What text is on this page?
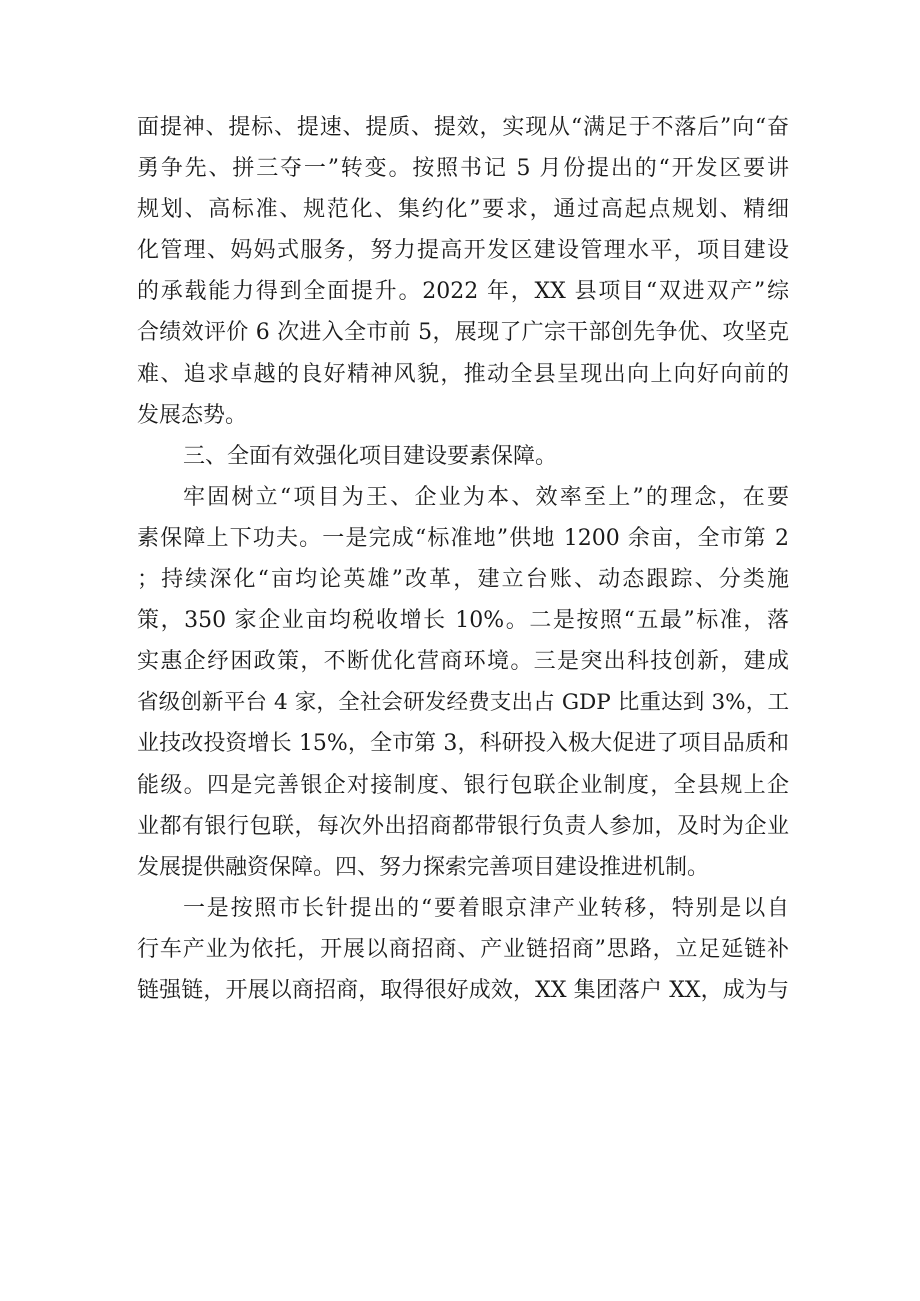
面提神、提标、提速、提质、提效，实现从“满足于不落后”向“奋
勇争先、拼三夺一”转变。按照书记 5 月份提出的“开发区要讲
规划、高标准、规范化、集约化”要求，通过高起点规划、精细
化管理、妈妈式服务，努力提高开发区建设管理水平，项目建设
的承载能力得到全面提升。2022 年，XX 县项目“双进双产”综
合绩效评价 6 次进入全市前 5，展现了广宗干部创先争优、攻坚克
难、追求卓越的良好精神风貌，推动全县呈现出向上向好向前的
发展态势。
三、全面有效强化项目建设要素保障。
牢固树立“项目为王、企业为本、效率至上”的理念，在要
素保障上下功夫。一是完成“标准地”供地 1200 余亩，全市第 2
；持续深化“亩均论英雄”改革，建立台账、动态跟踪、分类施
策，350 家企业亩均税收增长 10%。二是按照“五最”标准，落
实惠企纾困政策，不断优化营商环境。三是突出科技创新，建成
省级创新平台 4 家，全社会研发经费支出占 GDP 比重达到 3%，工
业技改投资增长 15%，全市第 3，科研投入极大促进了项目品质和
能级。四是完善银企对接制度、银行包联企业制度，全县规上企
业都有银行包联，每次外出招商都带银行负责人参加，及时为企业
发展提供融资保障。四、努力探索完善项目建设推进机制。
一是按照市长针提出的“要着眼京津产业转移，特别是以自
行车产业为依托，开展以商招商、产业链招商”思路，立足延链补
链强链，开展以商招商，取得很好成效，XX 集团落户 XX，成为与
